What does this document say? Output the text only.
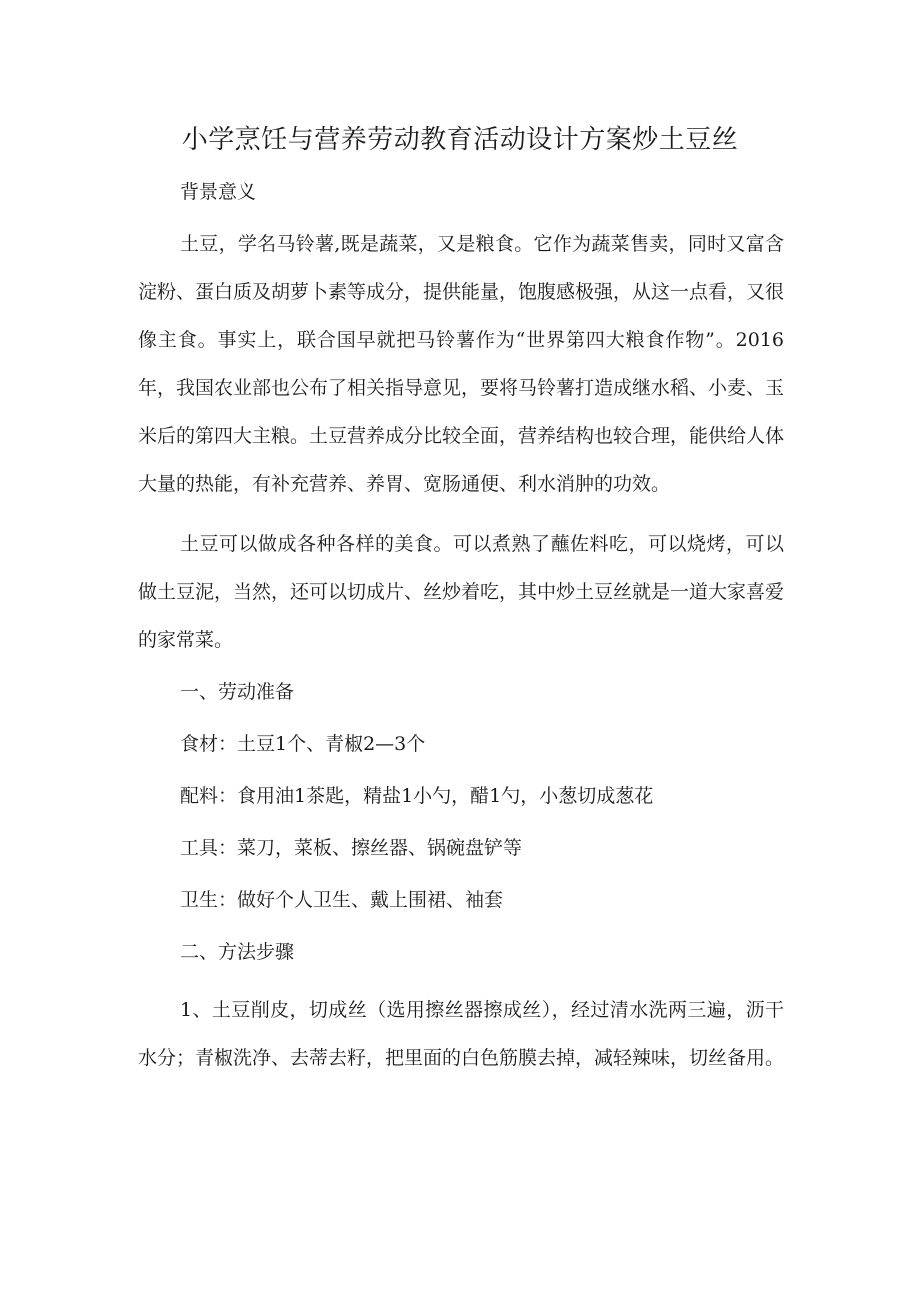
小学烹饪与营养劳动教育活动设计方案炒土豆丝

背景意义

土豆，学名马铃薯,既是蔬菜，又是粮食。它作为蔬菜售卖，同时又富含淀粉、蛋白质及胡萝卜素等成分，提供能量，饱腹感极强，从这一点看，又很像主食。事实上，联合国早就把马铃薯作为“世界第四大粮食作物”。2016年，我国农业部也公布了相关指导意见，要将马铃薯打造成继水稻、小麦、玉米后的第四大主粮。土豆营养成分比较全面，营养结构也较合理，能供给人体大量的热能，有补充营养、养胃、宽肠通便、利水消肿的功效。

土豆可以做成各种各样的美食。可以煮熟了蘸佐料吃，可以烧烤，可以做土豆泥，当然，还可以切成片、丝炒着吃，其中炒土豆丝就是一道大家喜爱的家常菜。

一、劳动准备

食材：土豆1个、青椒2—3个

配料：食用油1茶匙，精盐1小勺，醋1勺，小葱切成葱花

工具：菜刀，菜板、擦丝器、锅碗盘铲等

卫生：做好个人卫生、戴上围裙、袖套

二、方法步骤

1、土豆削皮，切成丝（选用擦丝器擦成丝），经过清水洗两三遍，沥干水分；青椒洗净、去蒂去籽，把里面的白色筋膜去掉，减轻辣味，切丝备用。
